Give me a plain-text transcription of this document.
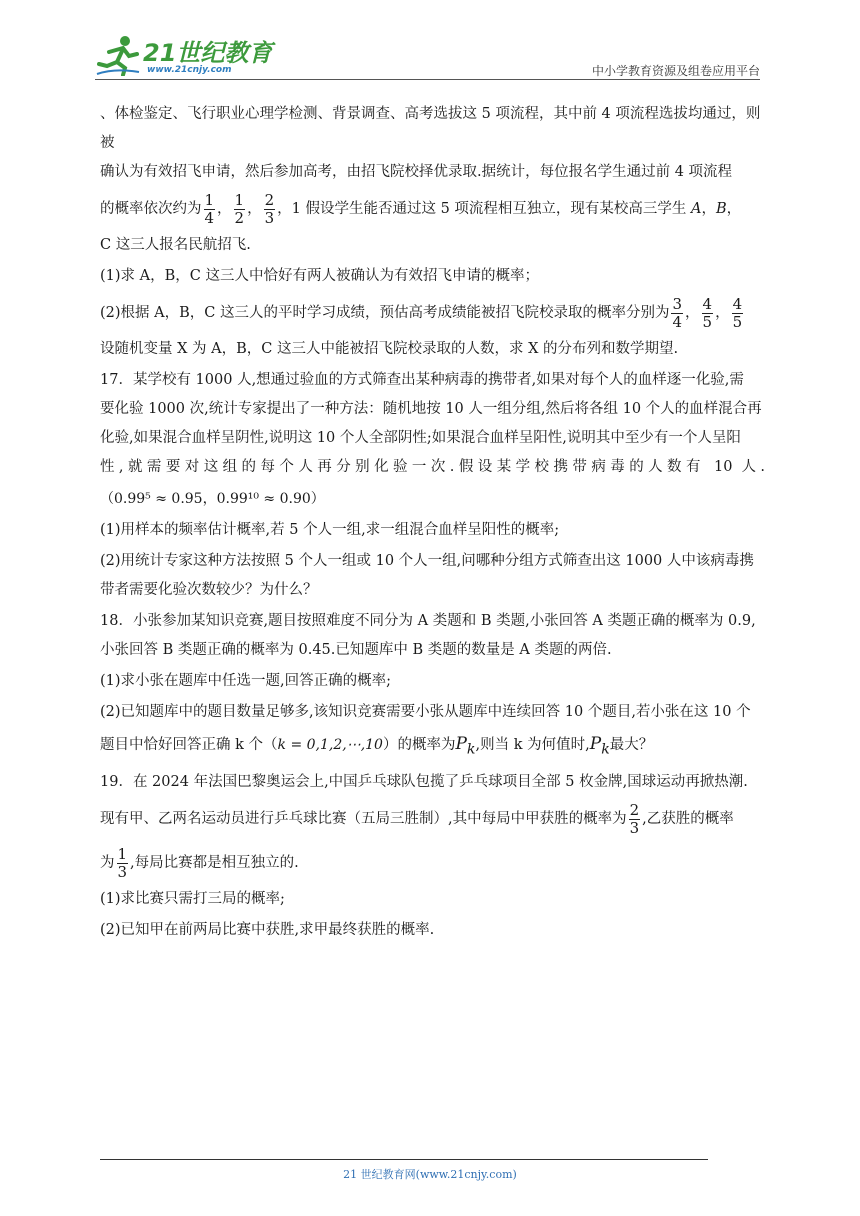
21世纪教育
www.21cnjy.com	中小学教育资源及组卷应用平台

、体检鉴定、飞行职业心理学检测、背景调查、高考选拔这 5 项流程，其中前 4 项流程选拔均通过，则被

确认为有效招飞申请，然后参加高考，由招飞院校择优录取.据统计，每位报名学生通过前 4 项流程

的概率依次约为 $\frac{1}{4}$ ， $\frac{1}{2}$ ， $\frac{2}{3}$ ，1 假设学生能否通过这 5 项流程相互独立，现有某校高三学生 A，B，

C 这三人报名民航招飞.

(1)求 A，B，C 这三人中恰好有两人被确认为有效招飞申请的概率；

(2)根据 A，B，C 这三人的平时学习成绩，预估高考成绩能被招飞院校录取的概率分别为 $\frac{3}{4}$ ， $\frac{4}{5}$ ， $\frac{4}{5}$

设随机变量 X 为 A，B，C 这三人中能被招飞院校录取的人数，求 X 的分布列和数学期望.

17．某学校有 1000 人,想通过验血的方式筛查出某种病毒的携带者,如果对每个人的血样逐一化验,需

要化验 1000 次,统计专家提出了一种方法：随机地按 10 人一组分组,然后将各组 10 个人的血样混合再

化验,如果混合血样呈阴性,说明这 10 个人全部阴性;如果混合血样呈阳性,说明其中至少有一个人呈阳

性,就需要对这组的每个人再分别化验一次.假设某学校携带病毒的人数有 10 人.

（0.99⁵ ≈ 0.95，0.99¹⁰ ≈ 0.90）

(1)用样本的频率估计概率,若 5 个人一组,求一组混合血样呈阳性的概率;

(2)用统计专家这种方法按照 5 个人一组或 10 个人一组,问哪种分组方式筛查出这 1000 人中该病毒携

带者需要化验次数较少？为什么？

18．小张参加某知识竞赛,题目按照难度不同分为 A 类题和 B 类题,小张回答 A 类题正确的概率为 0.9,

小张回答 B 类题正确的概率为 0.45.已知题库中 B 类题的数量是 A 类题的两倍.

(1)求小张在题库中任选一题,回答正确的概率;

(2)已知题库中的题目数量足够多,该知识竞赛需要小张从题库中连续回答 10 个题目,若小张在这 10 个

题目中恰好回答正确 k 个（k = 0,1,2,⋯,10）的概率为$P_k$,则当 k 为何值时$,P_k$最大？

19．在 2024 年法国巴黎奥运会上,中国乒乓球队包揽了乒乓球项目全部 5 枚金牌,国球运动再掀热潮.

现有甲、乙两名运动员进行乒乓球比赛（五局三胜制）,其中每局中甲获胜的概率为 $\frac{2}{3}$ ,乙获胜的概率

为 $\frac{1}{3}$ ,每局比赛都是相互独立的.

(1)求比赛只需打三局的概率;

(2)已知甲在前两局比赛中获胜,求甲最终获胜的概率.

21 世纪教育网(www.21cnjy.com)
